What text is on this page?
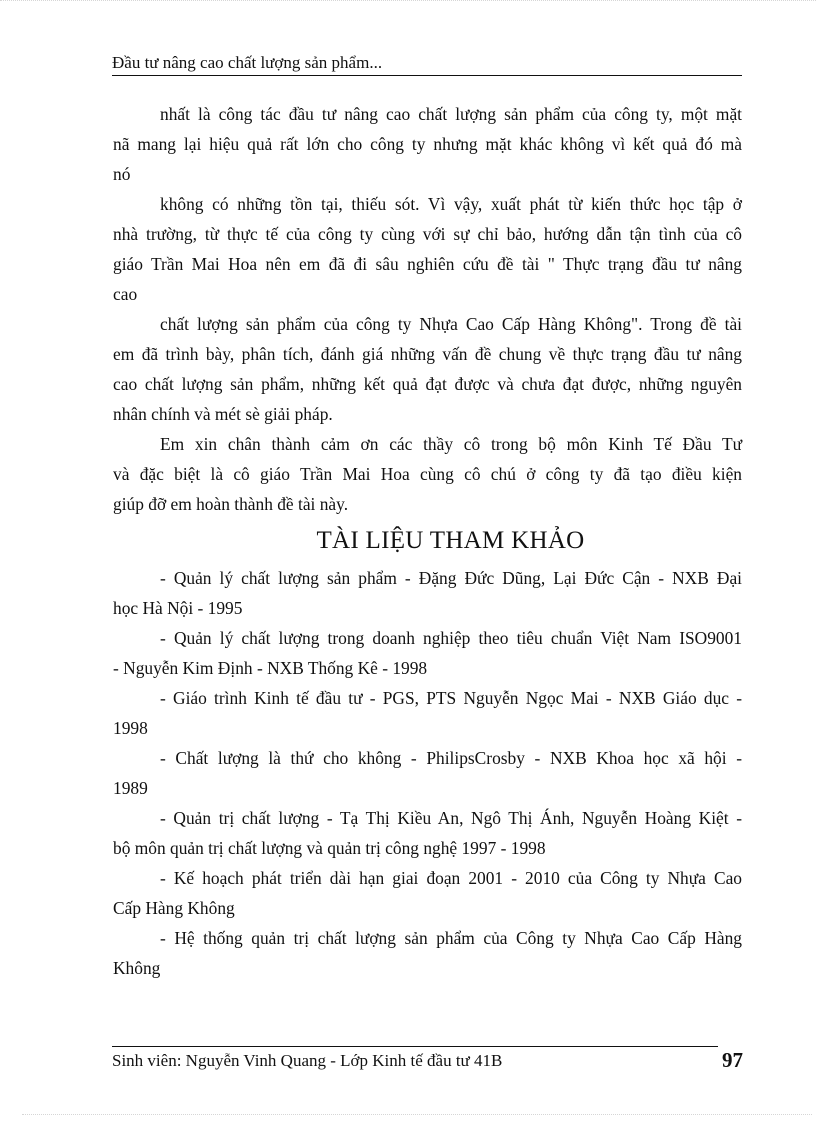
Đầu tư nâng cao chất lượng sản phẩm...
nhất là công tác đầu tư nâng cao chất lượng sản phẩm của công ty, một mặt
nã mang lại hiệu quả rất lớn cho công ty nhưng mặt khác không vì kết quả đó mà
nó
không có những tồn tại, thiếu sót. Vì vậy, xuất phát từ kiến thức học tập ở
nhà trường, từ thực tế của công ty cùng với sự chỉ bảo, hướng dẫn tận tình của cô
giáo Trần Mai Hoa nên em đã đi sâu nghiên cứu đề tài " Thực trạng đầu tư nâng
cao
chất lượng sản phẩm của công ty Nhựa Cao Cấp Hàng Không". Trong đề tài
em đã trình bày, phân tích, đánh giá những vấn đề chung về thực trạng đầu tư nâng
cao chất lượng sản phẩm, những kết quả đạt được và chưa đạt được, những nguyên
nhân chính và mét sè giải pháp.
Em xin chân thành cảm ơn các thầy cô trong bộ môn Kinh Tế Đầu Tư
và đặc biệt là cô giáo Trần Mai Hoa cùng cô chú ở công ty đã tạo điều kiện
giúp đỡ em hoàn thành đề tài này.
TÀI LIỆU THAM KHẢO
- Quản lý chất lượng sản phẩm - Đặng Đức Dũng, Lại Đức Cận - NXB Đại
học Hà Nội - 1995
- Quản lý chất lượng trong doanh nghiệp theo tiêu chuẩn Việt Nam ISO9001
- Nguyễn Kim Định - NXB Thống Kê - 1998
- Giáo trình Kinh tế đầu tư - PGS, PTS Nguyễn Ngọc Mai - NXB Giáo dục -
1998
- Chất lượng là thứ cho không - PhilipsCrosby - NXB Khoa học xã hội -
1989
- Quản trị chất lượng - Tạ Thị Kiều An, Ngô Thị Ánh, Nguyễn Hoàng Kiệt -
bộ môn quản trị chất lượng và quản trị công nghệ 1997 - 1998
- Kế hoạch phát triển dài hạn giai đoạn 2001 - 2010 của Công ty Nhựa Cao
Cấp Hàng Không
- Hệ thống quản trị chất lượng sản phẩm của Công ty Nhựa Cao Cấp Hàng
Không
Sinh viên: Nguyễn Vinh Quang - Lớp Kinh tế đầu tư 41B	97
